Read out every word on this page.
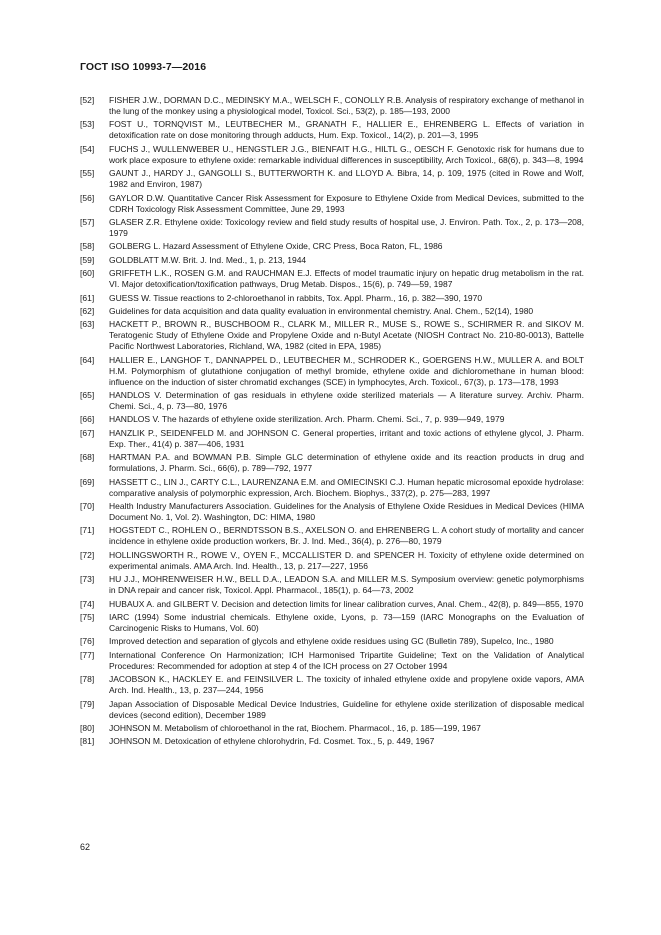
ГОСТ ISO 10993-7—2016
[52]	FISHER J.W., DORMAN D.C., MEDINSKY M.A., WELSCH F., CONOLLY R.B. Analysis of respiratory exchange of methanol in the lung of the monkey using a physiological model, Toxicol. Sci., 53(2), p. 185—193, 2000
[53]	FOST U., TORNQVIST M., LEUTBECHER M., GRANATH F., HALLIER E., EHRENBERG L. Effects of variation in detoxification rate on dose monitoring through adducts, Hum. Exp. Toxicol., 14(2), p. 201—3, 1995
[54]	FUCHS J., WULLENWEBER U., HENGSTLER J.G., BIENFAIT H.G., HILTL G., OESCH F. Genotoxic risk for humans due to work place exposure to ethylene oxide: remarkable individual differences in susceptibility, Arch Toxicol., 68(6), p. 343—8, 1994
[55]	GAUNT J., HARDY J., GANGOLLI S., BUTTERWORTH K. and LLOYD A. Bibra, 14, p. 109, 1975 (cited in Rowe and Wolf, 1982 and Environ, 1987)
[56]	GAYLOR D.W. Quantitative Cancer Risk Assessment for Exposure to Ethylene Oxide from Medical Devices, submitted to the CDRH Toxicology Risk Assessment Committee, June 29, 1993
[57]	GLASER Z.R. Ethylene oxide: Toxicology review and field study results of hospital use, J. Environ. Path. Tox., 2, p. 173—208, 1979
[58]	GOLBERG L. Hazard Assessment of Ethylene Oxide, CRC Press, Boca Raton, FL, 1986
[59]	GOLDBLATT M.W. Brit. J. Ind. Med., 1, p. 213, 1944
[60]	GRIFFETH L.K., ROSEN G.M. and RAUCHMAN E.J. Effects of model traumatic injury on hepatic drug metabolism in the rat. VI. Major detoxification/toxification pathways, Drug Metab. Dispos., 15(6), p. 749—59, 1987
[61]	GUESS W. Tissue reactions to 2-chloroethanol in rabbits, Tox. Appl. Pharm., 16, p. 382—390, 1970
[62]	Guidelines for data acquisition and data quality evaluation in environmental chemistry. Anal. Chem., 52(14), 1980
[63]	HACKETT P., BROWN R., BUSCHBOOM R., CLARK M., MILLER R., MUSE S., ROWE S., SCHIRMER R. and SIKOV M. Teratogenic Study of Ethylene Oxide and Propylene Oxide and n-Butyl Acetate (NIOSH Contract No. 210-80-0013), Battelle Pacific Northwest Laboratories, Richland, WA, 1982 (cited in EPA, 1985)
[64]	HALLIER E., LANGHOF T., DANNAPPEL D., LEUTBECHER M., SCHRODER K., GOERGENS H.W., MULLER A. and BOLT H.M. Polymorphism of glutathione conjugation of methyl bromide, ethylene oxide and dichloromethane in human blood: influence on the induction of sister chromatid exchanges (SCE) in lymphocytes, Arch. Toxicol., 67(3), p. 173—178, 1993
[65]	HANDLOS V. Determination of gas residuals in ethylene oxide sterilized materials — A literature survey. Archiv. Pharm. Chemi. Sci., 4, p. 73—80, 1976
[66]	HANDLOS V. The hazards of ethylene oxide sterilization. Arch. Pharm. Chemi. Sci., 7, p. 939—949, 1979
[67]	HANZLIK P., SEIDENFELD M. and JOHNSON C. General properties, irritant and toxic actions of ethylene glycol, J. Pharm. Exp. Ther., 41(4) p. 387—406, 1931
[68]	HARTMAN P.A. and BOWMAN P.B. Simple GLC determination of ethylene oxide and its reaction products in drug and formulations, J. Pharm. Sci., 66(6), p. 789—792, 1977
[69]	HASSETT C., LIN J., CARTY C.L., LAURENZANA E.M. and OMIECINSKI C.J. Human hepatic microsomal epoxide hydrolase: comparative analysis of polymorphic expression, Arch. Biochem. Biophys., 337(2), p. 275—283, 1997
[70]	Health Industry Manufacturers Association. Guidelines for the Analysis of Ethylene Oxide Residues in Medical Devices (HIMA Document No. 1, Vol. 2). Washington, DC: HIMA, 1980
[71]	HOGSTEDT C., ROHLEN O., BERNDTSSON B.S., AXELSON O. and EHRENBERG L. A cohort study of mortality and cancer incidence in ethylene oxide production workers, Br. J. Ind. Med., 36(4), p. 276—80, 1979
[72]	HOLLINGSWORTH R., ROWE V., OYEN F., MCCALLISTER D. and SPENCER H. Toxicity of ethylene oxide determined on experimental animals. AMA Arch. Ind. Health., 13, p. 217—227, 1956
[73]	HU J.J., MOHRENWEISER H.W., BELL D.A., LEADON S.A. and MILLER M.S. Symposium overview: genetic polymorphisms in DNA repair and cancer risk, Toxicol. Appl. Pharmacol., 185(1), p. 64—73, 2002
[74]	HUBAUX A. and GILBERT V. Decision and detection limits for linear calibration curves, Anal. Chem., 42(8), p. 849—855, 1970
[75]	IARC (1994) Some industrial chemicals. Ethylene oxide, Lyons, p. 73—159 (IARC Monographs on the Evaluation of Carcinogenic Risks to Humans, Vol. 60)
[76]	Improved detection and separation of glycols and ethylene oxide residues using GC (Bulletin 789), Supelco, Inc., 1980
[77]	International Conference On Harmonization; ICH Harmonised Tripartite Guideline; Text on the Validation of Analytical Procedures: Recommended for adoption at step 4 of the ICH process on 27 October 1994
[78]	JACOBSON K., HACKLEY E. and FEINSILVER L. The toxicity of inhaled ethylene oxide and propylene oxide vapors, AMA Arch. Ind. Health., 13, p. 237—244, 1956
[79]	Japan Association of Disposable Medical Device Industries, Guideline for ethylene oxide sterilization of disposable medical devices (second edition), December 1989
[80]	JOHNSON M. Metabolism of chloroethanol in the rat, Biochem. Pharmacol., 16, p. 185—199, 1967
[81]	JOHNSON M. Detoxication of ethylene chlorohydrin, Fd. Cosmet. Tox., 5, p. 449, 1967
62
